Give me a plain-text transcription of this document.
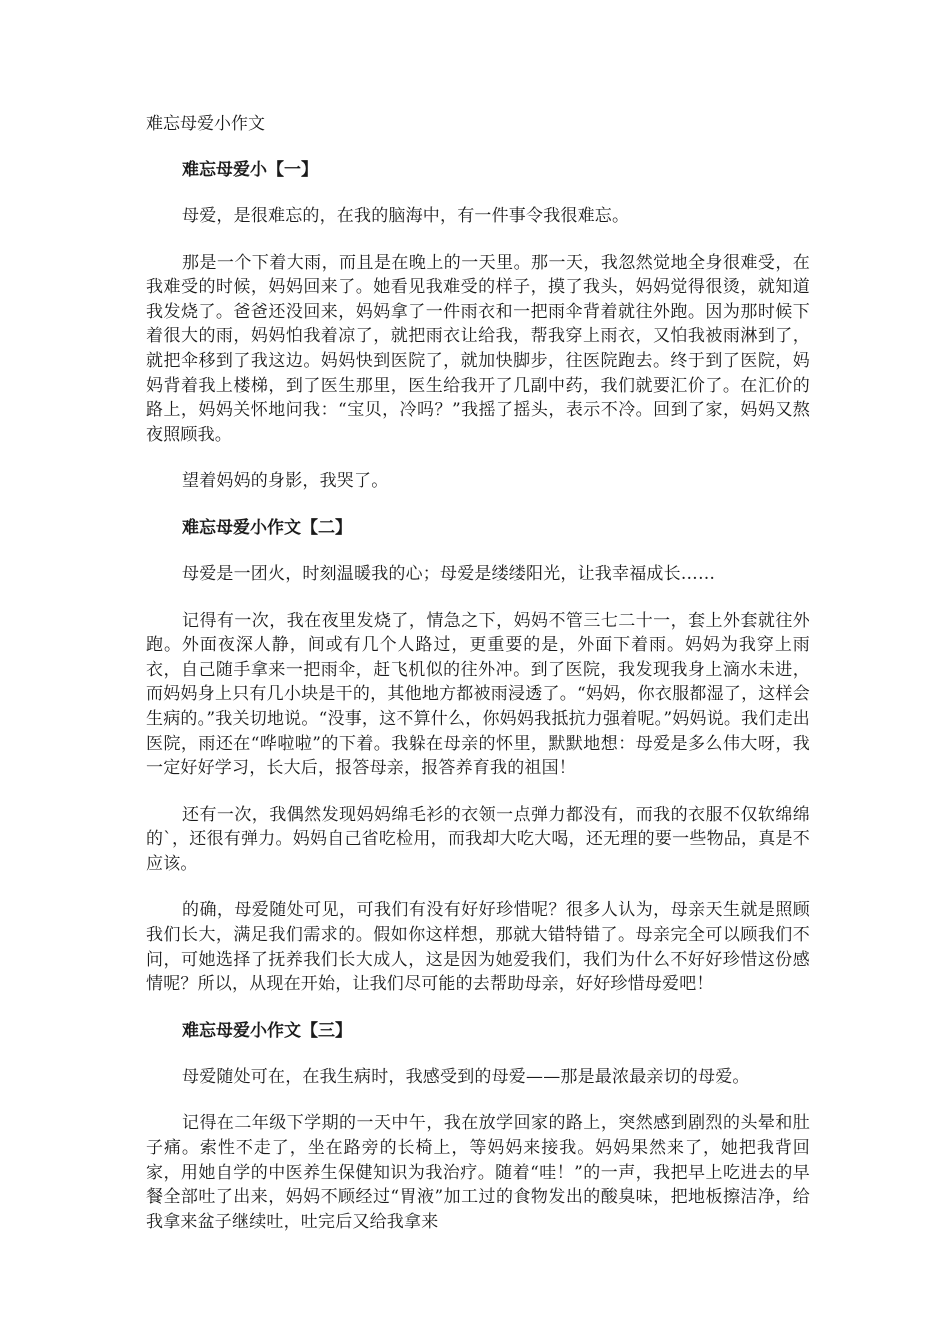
难忘母爱小作文
难忘母爱小【一】

母爱，是很难忘的，在我的脑海中，有一件事令我很难忘。

那是一个下着大雨，而且是在晚上的一天里。那一天，我忽然觉地全身很难受，在我难受的时候，妈妈回来了。她看见我难受的样子，摸了我头，妈妈觉得很烫，就知道我发烧了。爸爸还没回来，妈妈拿了一件雨衣和一把雨伞背着就往外跑。因为那时候下着很大的雨，妈妈怕我着凉了，就把雨衣让给我，帮我穿上雨衣，又怕我被雨淋到了，就把伞移到了我这边。妈妈快到医院了，就加快脚步，往医院跑去。终于到了医院，妈妈背着我上楼梯，到了医生那里，医生给我开了几副中药，我们就要汇价了。在汇价的路上，妈妈关怀地问我：“宝贝，冷吗？”我摇了摇头，表示不冷。回到了家，妈妈又熬夜照顾我。

望着妈妈的身影，我哭了。

难忘母爱小作文【二】

母爱是一团火，时刻温暖我的心；母爱是缕缕阳光，让我幸福成长……

记得有一次，我在夜里发烧了，情急之下，妈妈不管三七二十一，套上外套就往外跑。外面夜深人静，间或有几个人路过，更重要的是，外面下着雨。妈妈为我穿上雨衣，自己随手拿来一把雨伞，赶飞机似的往外冲。到了医院，我发现我身上滴水未进，而妈妈身上只有几小块是干的，其他地方都被雨浸透了。“妈妈，你衣服都湿了，这样会生病的。”我关切地说。“没事，这不算什么，你妈妈我抵抗力强着呢。”妈妈说。我们走出医院，雨还在“哗啦啦”的下着。我躲在母亲的怀里，默默地想：母爱是多么伟大呀，我一定好好学习，长大后，报答母亲，报答养育我的祖国！

还有一次，我偶然发现妈妈绵毛衫的衣领一点弹力都没有，而我的衣服不仅软绵绵的`，还很有弹力。妈妈自己省吃检用，而我却大吃大喝，还无理的要一些物品，真是不应该。

的确，母爱随处可见，可我们有没有好好珍惜呢？很多人认为，母亲天生就是照顾我们长大，满足我们需求的。假如你这样想，那就大错特错了。母亲完全可以顾我们不问，可她选择了抚养我们长大成人，这是因为她爱我们，我们为什么不好好珍惜这份感情呢？所以，从现在开始，让我们尽可能的去帮助母亲，好好珍惜母爱吧！

难忘母爱小作文【三】

母爱随处可在，在我生病时，我感受到的母爱——那是最浓最亲切的母爱。

记得在二年级下学期的一天中午，我在放学回家的路上，突然感到剧烈的头晕和肚子痛。索性不走了，坐在路旁的长椅上，等妈妈来接我。妈妈果然来了，她把我背回家，用她自学的中医养生保健知识为我治疗。随着“哇！”的一声，我把早上吃进去的早餐全部吐了出来，妈妈不顾经过“胃液”加工过的食物发出的酸臭味，把地板擦洁净，给我拿来盆子继续吐，吐完后又给我拿来
